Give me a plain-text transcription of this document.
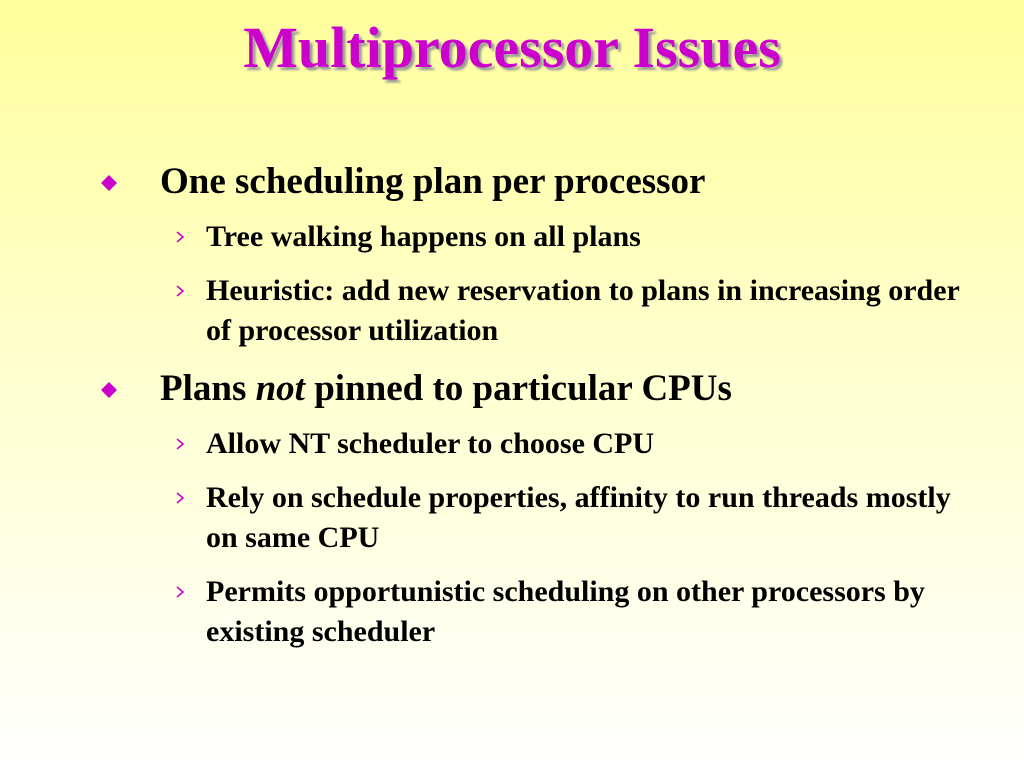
Multiprocessor Issues
One scheduling plan per processor
Tree walking happens on all plans
Heuristic: add new reservation to plans in increasing order of processor utilization
Plans not pinned to particular CPUs
Allow NT scheduler to choose CPU
Rely on schedule properties, affinity to run threads mostly on same CPU
Permits opportunistic scheduling on other processors by existing scheduler
